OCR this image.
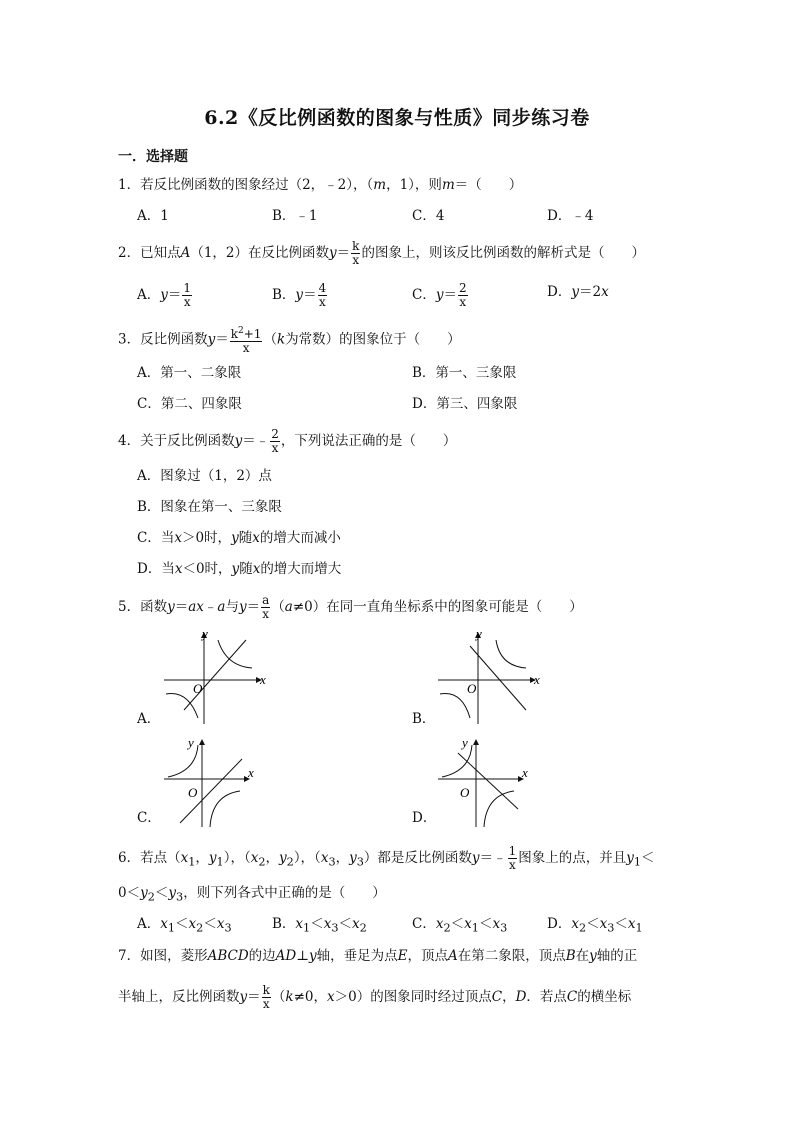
6.2《反比例函数的图象与性质》同步练习卷
一．选择题
1．若反比例函数的图象经过（2，﹣2），（m，1），则m＝（　　）
A．1	B．﹣1	C．4	D．﹣4
2．已知点A（1，2）在反比例函数$y= \frac{k}{x}$ 的图象上，则该反比例函数的解析式是（　　）
A．$y= \frac{1}{x}$	B．$y= \frac{4}{x}$	C．$y= \frac{2}{x}$	D．y＝2x
3．反比例函数$y= \frac{k^2+1}{x} (k$为常数）的图象位于（　　）
A．第一、二象限	B．第一、三象限
C．第二、四象限	D．第三、四象限
4．关于反比例函数y＝﹣ $\frac{2}{x}$ ，下列说法正确的是（　　）
A．图象过（1，2）点
B．图象在第一、三象限
C．当x＞0时，y随x的增大而减小
D．当x＜0时，y随x的增大而增大
5．函数y＝ax﹣a与$y= \frac{a}{x} (a\ne 0)$在同一直角坐标系中的图象可能是（　　）
y
x
O
A．
y
x
O
B．
y
x
O
C．
y
x
O
D．
6．若点（$x_1$，$y_1$），（$x_2$，$y_2$），（$x_3$，$y_3$）都是反比例函数y＝﹣ $\frac{1}{x}$ 图象上的点，并且$y_1<$
$0<y_2<y_3$，则下列各式中正确的是（　　）
A．$x_1<x_2<x_3$	B．$x_1<x_3<x_2$	C．$x_2<x_1<x_3$	D．$x_2<x_3<x_1$
7．如图，菱形ABCD的边AD⊥y轴，垂足为点E，顶点A在第二象限，顶点B在y轴的正
半轴上，反比例函数$y= \frac{k}{x} (k\ne 0$，x＞0）的图象同时经过顶点C，D．若点C的横坐标
